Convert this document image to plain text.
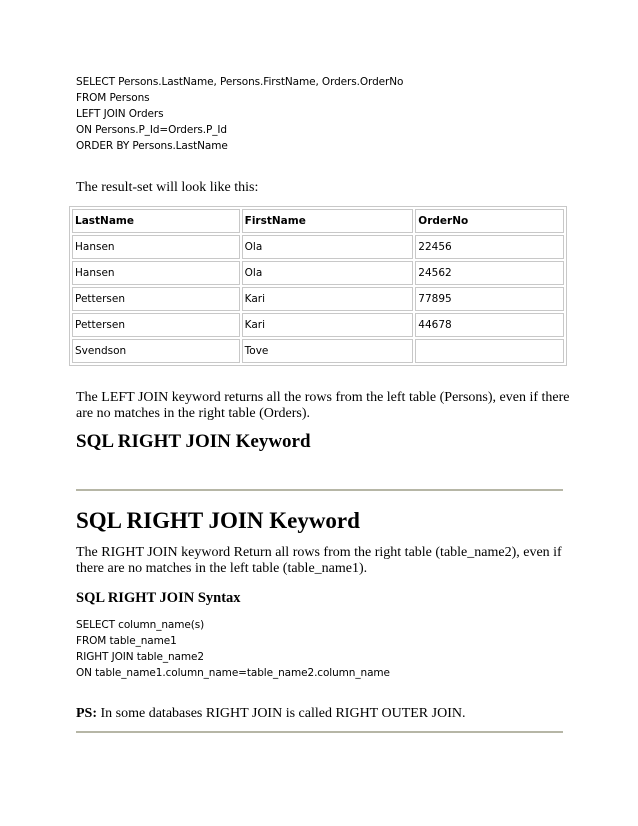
SELECT Persons.LastName, Persons.FirstName, Orders.OrderNo
FROM Persons
LEFT JOIN Orders
ON Persons.P_Id=Orders.P_Id
ORDER BY Persons.LastName
The result-set will look like this:
LastName	FirstName	OrderNo
Hansen	Ola	22456
Hansen	Ola	24562
Pettersen	Kari	77895
Pettersen	Kari	44678
Svendson	Tove	
The LEFT JOIN keyword returns all the rows from the left table (Persons), even if there are no matches in the right table (Orders).
SQL RIGHT JOIN Keyword
SQL RIGHT JOIN Keyword
The RIGHT JOIN keyword Return all rows from the right table (table_name2), even if there are no matches in the left table (table_name1).
SQL RIGHT JOIN Syntax
SELECT column_name(s)
FROM table_name1
RIGHT JOIN table_name2
ON table_name1.column_name=table_name2.column_name
PS: In some databases RIGHT JOIN is called RIGHT OUTER JOIN.
